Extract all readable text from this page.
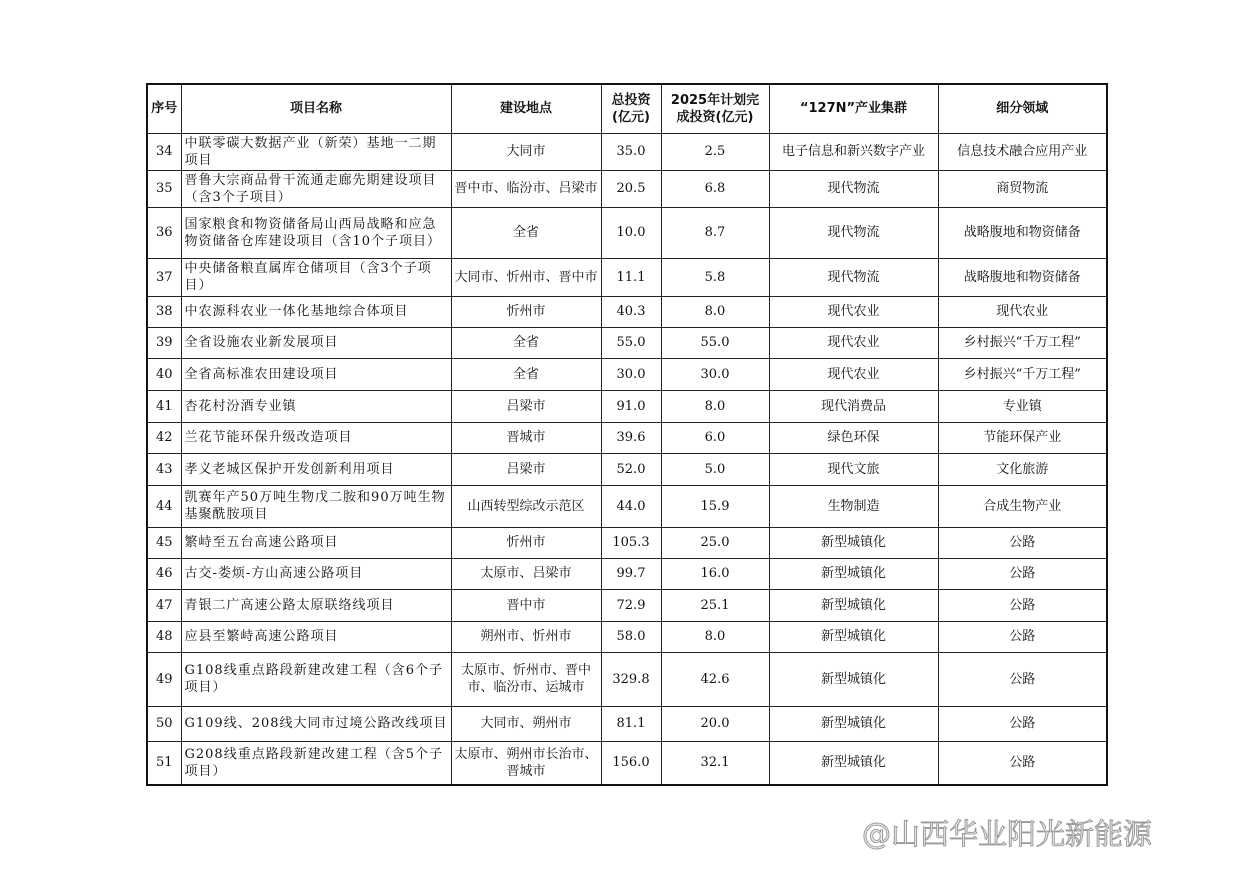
序号	项目名称	建设地点	总投资(亿元)	2025年计划完成投资(亿元)	“127N”产业集群	细分领域
34	中联零碳大数据产业（新荣）基地一二期项目	大同市	35.0	2.5	电子信息和新兴数字产业	信息技术融合应用产业
35	晋鲁大宗商品骨干流通走廊先期建设项目（含3个子项目）	晋中市、临汾市、吕梁市	20.5	6.8	现代物流	商贸物流
36	国家粮食和物资储备局山西局战略和应急物资储备仓库建设项目（含10个子项目）	全省	10.0	8.7	现代物流	战略腹地和物资储备
37	中央储备粮直属库仓储项目（含3个子项目）	大同市、忻州市、晋中市	11.1	5.8	现代物流	战略腹地和物资储备
38	中农源科农业一体化基地综合体项目	忻州市	40.3	8.0	现代农业	现代农业
39	全省设施农业新发展项目	全省	55.0	55.0	现代农业	乡村振兴“千万工程”
40	全省高标准农田建设项目	全省	30.0	30.0	现代农业	乡村振兴“千万工程”
41	杏花村汾酒专业镇	吕梁市	91.0	8.0	现代消费品	专业镇
42	兰花节能环保升级改造项目	晋城市	39.6	6.0	绿色环保	节能环保产业
43	孝义老城区保护开发创新利用项目	吕梁市	52.0	5.0	现代文旅	文化旅游
44	凯赛年产50万吨生物戊二胺和90万吨生物基聚酰胺项目	山西转型综改示范区	44.0	15.9	生物制造	合成生物产业
45	繁峙至五台高速公路项目	忻州市	105.3	25.0	新型城镇化	公路
46	古交-娄烦-方山高速公路项目	太原市、吕梁市	99.7	16.0	新型城镇化	公路
47	青银二广高速公路太原联络线项目	晋中市	72.9	25.1	新型城镇化	公路
48	应县至繁峙高速公路项目	朔州市、忻州市	58.0	8.0	新型城镇化	公路
49	G108线重点路段新建改建工程（含6个子项目）	太原市、忻州市、晋中市、临汾市、运城市	329.8	42.6	新型城镇化	公路
50	G109线、208线大同市过境公路改线项目	大同市、朔州市	81.1	20.0	新型城镇化	公路
51	G208线重点路段新建改建工程（含5个子项目）	太原市、朔州市长治市、晋城市	156.0	32.1	新型城镇化	公路
@山西华业阳光新能源
